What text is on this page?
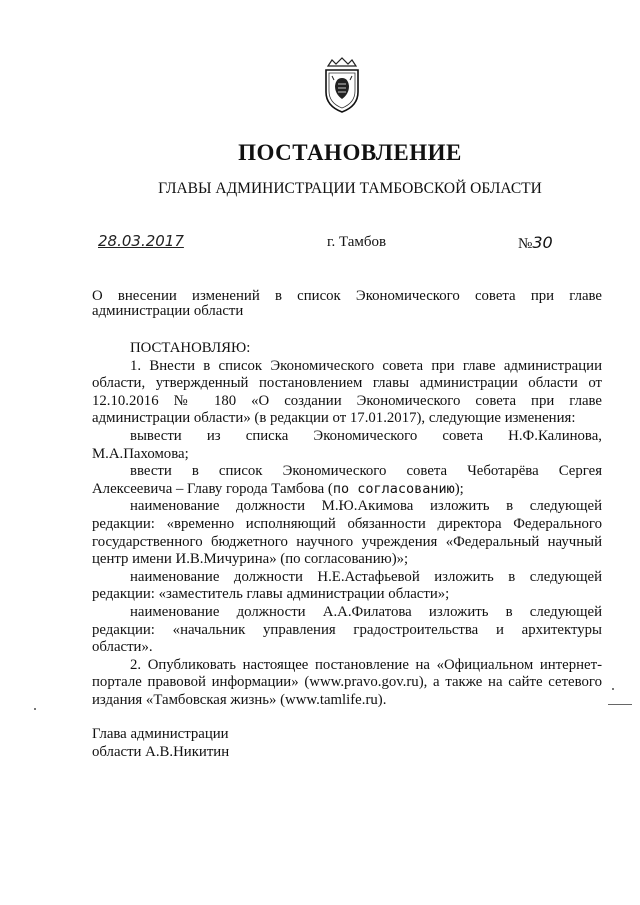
ПОСТАНОВЛЕНИЕ
ГЛАВЫ АДМИНИСТРАЦИИ ТАМБОВСКОЙ ОБЛАСТИ
28.03.2017	г. Тамбов	№30
О внесении изменений в список Экономического совета при главе
администрации области

ПОСТАНОВЛЯЮ:

1. Внести в список Экономического совета при главе администрации

области, утвержденный постановлением главы администрации области от

12.10.2016 № 180 «О создании Экономического совета при главе

администрации области» (в редакции от 17.01.2017), следующие изменения:

вывести из списка Экономического совета Н.Ф.Калинова,

М.А.Пахомова;

ввести в список Экономического совета Чеботарёва Сергея

Алексеевича – Главу города Тамбова (по согласованию);

наименование должности М.Ю.Акимова изложить в следующей

редакции: «временно исполняющий обязанности директора Федерального

государственного бюджетного научного учреждения «Федеральный научный

центр имени И.В.Мичурина» (по согласованию)»;

наименование должности Н.Е.Астафьевой изложить в следующей

редакции: «заместитель главы администрации области»;

наименование должности А.А.Филатова изложить в следующей

редакции: «начальник управления градостроительства и архитектуры

области».

2. Опубликовать настоящее постановление на «Официальном интернет-

портале правовой информации» (www.pravo.gov.ru), а также на сайте сетевого

издания «Тамбовская жизнь» (www.tamlife.ru).

Глава администрации
области А.В.Никитин
